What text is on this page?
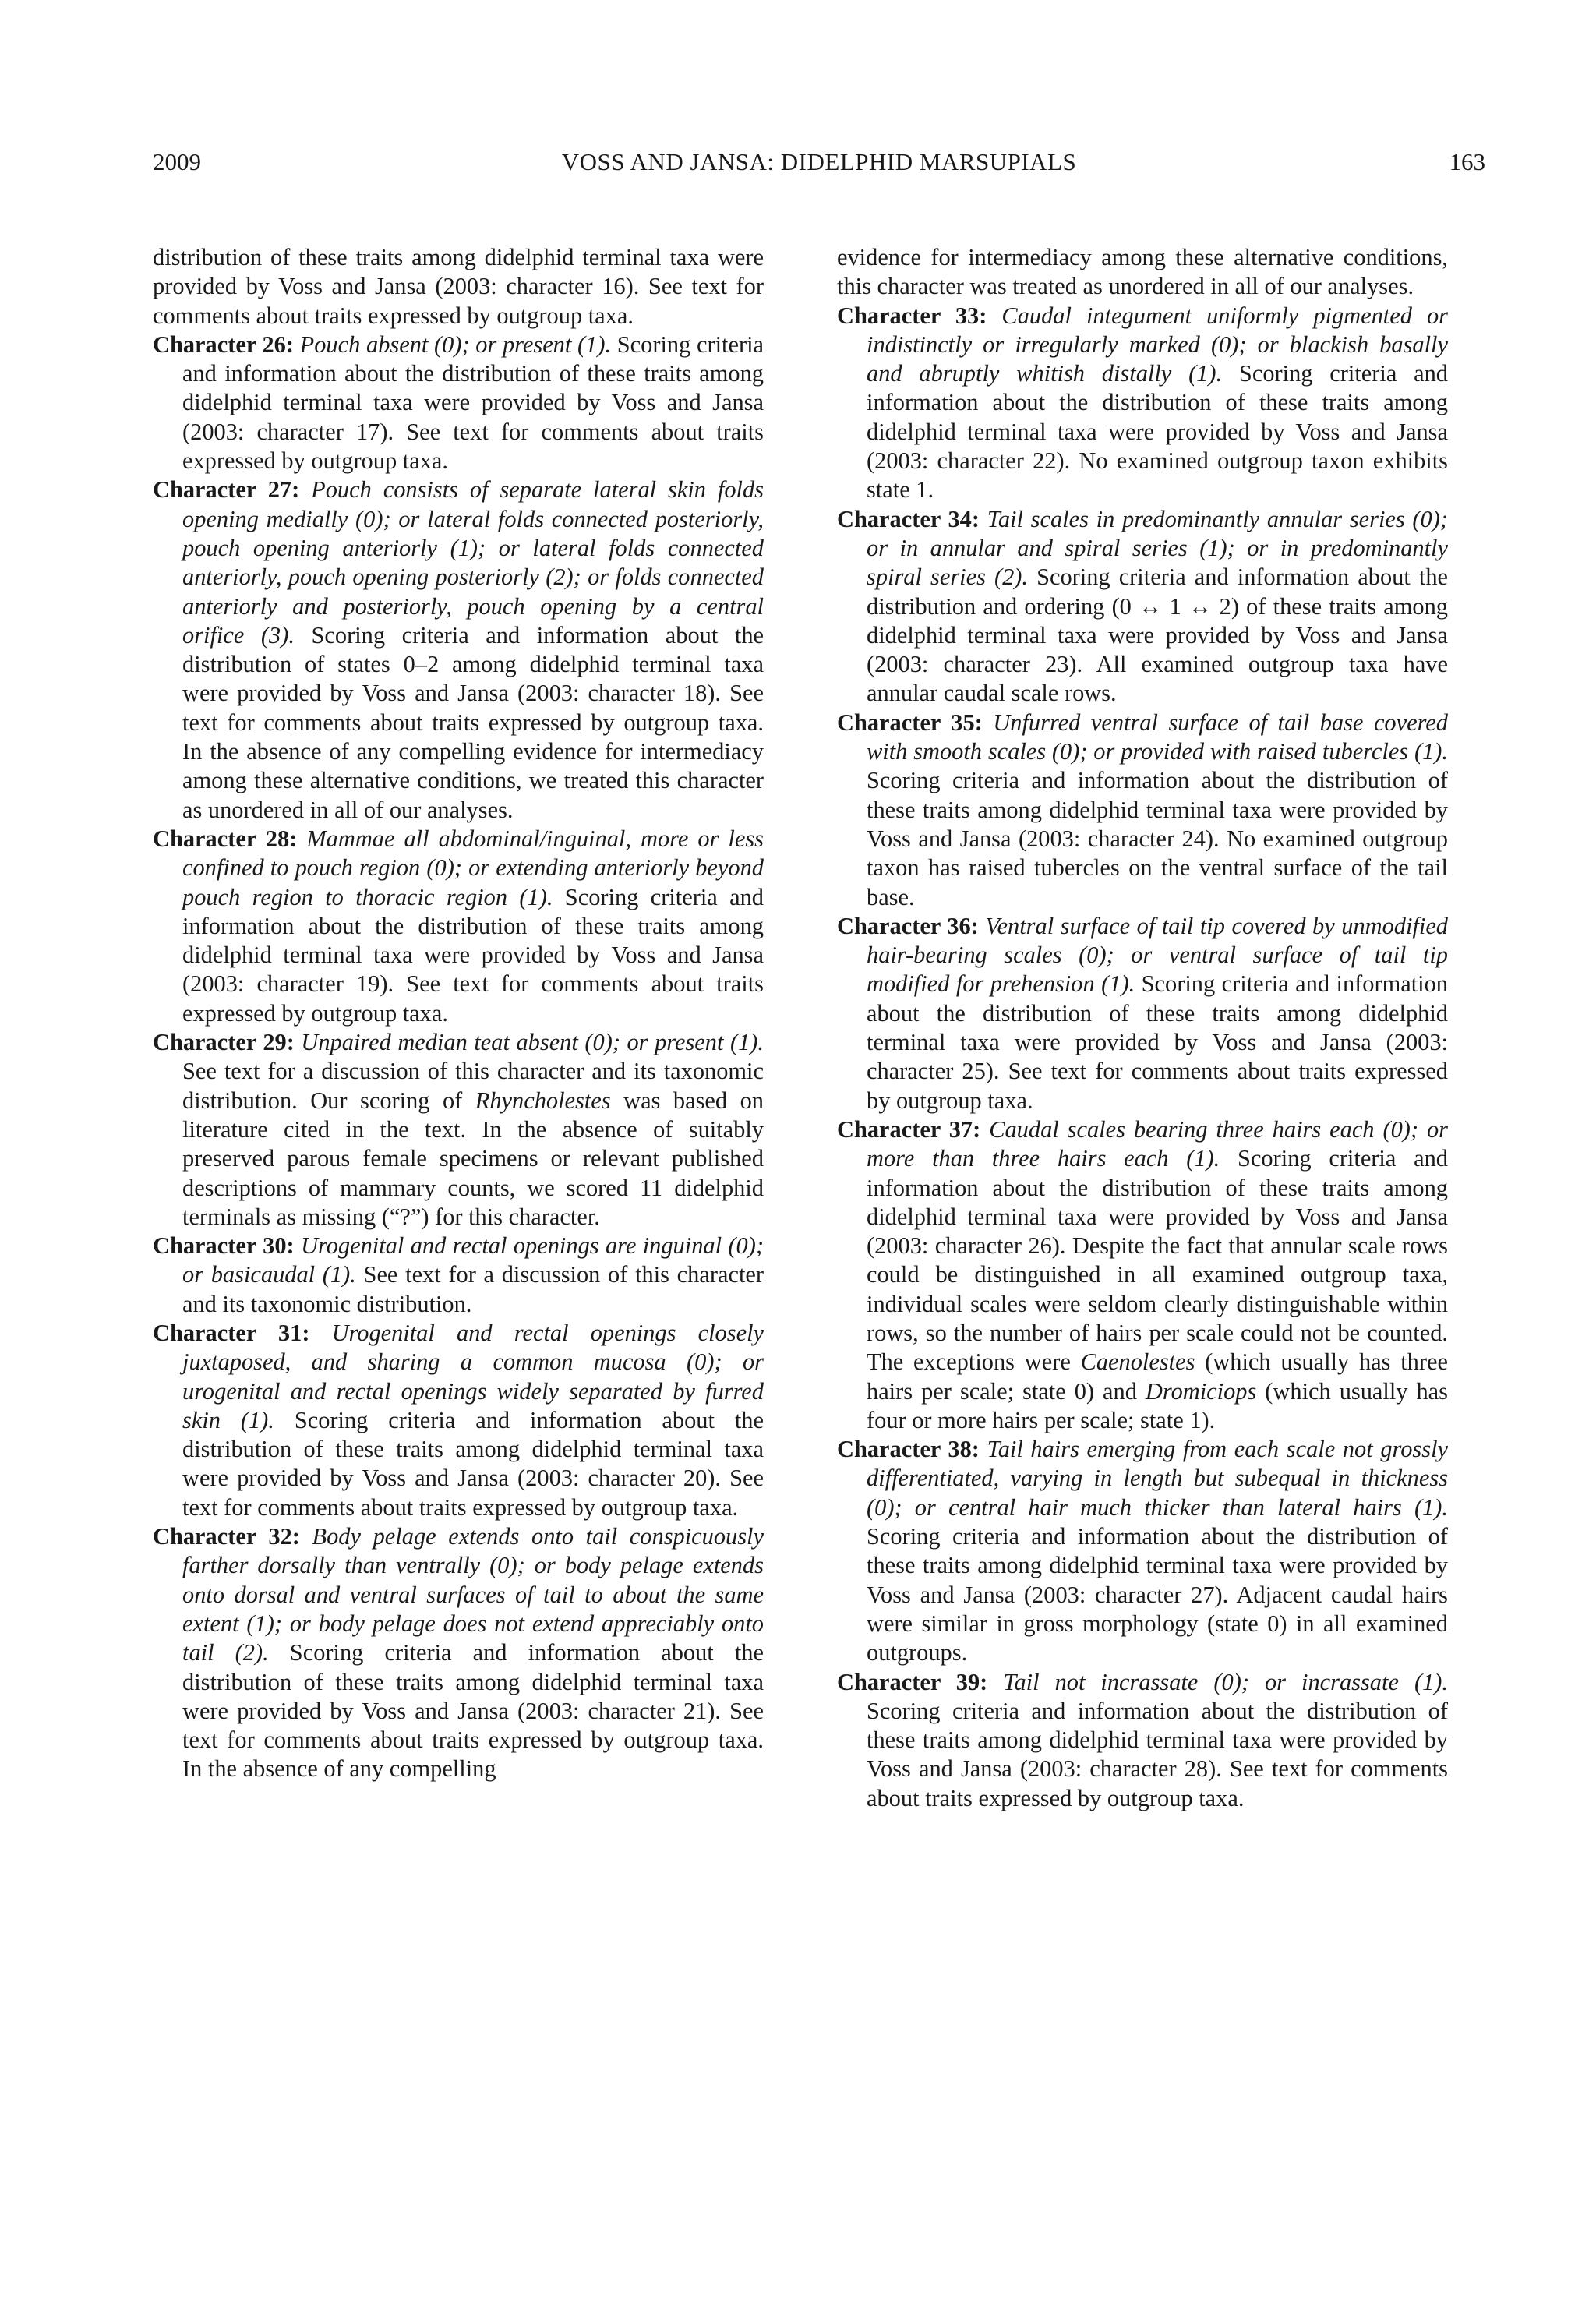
2009	VOSS AND JANSA: DIDELPHID MARSUPIALS	163

distribution of these traits among didelphid terminal taxa were provided by Voss and Jansa (2003: character 16). See text for comments about traits expressed by outgroup taxa.

Character 26: Pouch absent (0); or present (1). Scoring criteria and information about the distribution of these traits among didelphid terminal taxa were provided by Voss and Jansa (2003: character 17). See text for comments about traits expressed by outgroup taxa.

Character 27: Pouch consists of separate lateral skin folds opening medially (0); or lateral folds connected posteriorly, pouch opening anteriorly (1); or lateral folds connected anteriorly, pouch opening posteriorly (2); or folds connected anteriorly and posteriorly, pouch opening by a central orifice (3). Scoring criteria and information about the distribution of states 0–2 among didelphid terminal taxa were provided by Voss and Jansa (2003: character 18). See text for comments about traits expressed by outgroup taxa. In the absence of any compelling evidence for intermediacy among these alternative conditions, we treated this character as unordered in all of our analyses.

Character 28: Mammae all abdominal/inguinal, more or less confined to pouch region (0); or extending anteriorly beyond pouch region to thoracic region (1). Scoring criteria and information about the distribution of these traits among didelphid terminal taxa were provided by Voss and Jansa (2003: character 19). See text for comments about traits expressed by outgroup taxa.

Character 29: Unpaired median teat absent (0); or present (1). See text for a discussion of this character and its taxonomic distribution. Our scoring of Rhyncholestes was based on literature cited in the text. In the absence of suitably preserved parous female specimens or relevant published descriptions of mammary counts, we scored 11 didelphid terminals as missing (“?”) for this character.

Character 30: Urogenital and rectal openings are inguinal (0); or basicaudal (1). See text for a discussion of this character and its taxonomic distribution.

Character 31: Urogenital and rectal openings closely juxtaposed, and sharing a common mucosa (0); or urogenital and rectal openings widely separated by furred skin (1). Scoring criteria and information about the distribution of these traits among didelphid terminal taxa were provided by Voss and Jansa (2003: character 20). See text for comments about traits expressed by outgroup taxa.

Character 32: Body pelage extends onto tail conspicuously farther dorsally than ventrally (0); or body pelage extends onto dorsal and ventral surfaces of tail to about the same extent (1); or body pelage does not extend appreciably onto tail (2). Scoring criteria and information about the distribution of these traits among didelphid terminal taxa were provided by Voss and Jansa (2003: character 21). See text for comments about traits expressed by outgroup taxa. In the absence of any compelling

evidence for intermediacy among these alternative conditions, this character was treated as unordered in all of our analyses.

Character 33: Caudal integument uniformly pigmented or indistinctly or irregularly marked (0); or blackish basally and abruptly whitish distally (1). Scoring criteria and information about the distribution of these traits among didelphid terminal taxa were provided by Voss and Jansa (2003: character 22). No examined outgroup taxon exhibits state 1.

Character 34: Tail scales in predominantly annular series (0); or in annular and spiral series (1); or in predominantly spiral series (2). Scoring criteria and information about the distribution and ordering (0 ↔ 1 ↔ 2) of these traits among didelphid terminal taxa were provided by Voss and Jansa (2003: character 23). All examined outgroup taxa have annular caudal scale rows.

Character 35: Unfurred ventral surface of tail base covered with smooth scales (0); or provided with raised tubercles (1). Scoring criteria and information about the distribution of these traits among didelphid terminal taxa were provided by Voss and Jansa (2003: character 24). No examined outgroup taxon has raised tubercles on the ventral surface of the tail base.

Character 36: Ventral surface of tail tip covered by unmodified hair-bearing scales (0); or ventral surface of tail tip modified for prehension (1). Scoring criteria and information about the distribution of these traits among didelphid terminal taxa were provided by Voss and Jansa (2003: character 25). See text for comments about traits expressed by outgroup taxa.

Character 37: Caudal scales bearing three hairs each (0); or more than three hairs each (1). Scoring criteria and information about the distribution of these traits among didelphid terminal taxa were provided by Voss and Jansa (2003: character 26). Despite the fact that annular scale rows could be distinguished in all examined outgroup taxa, individual scales were seldom clearly distinguishable within rows, so the number of hairs per scale could not be counted. The exceptions were Caenolestes (which usually has three hairs per scale; state 0) and Dromiciops (which usually has four or more hairs per scale; state 1).

Character 38: Tail hairs emerging from each scale not grossly differentiated, varying in length but subequal in thickness (0); or central hair much thicker than lateral hairs (1). Scoring criteria and information about the distribution of these traits among didelphid terminal taxa were provided by Voss and Jansa (2003: character 27). Adjacent caudal hairs were similar in gross morphology (state 0) in all examined outgroups.

Character 39: Tail not incrassate (0); or incrassate (1). Scoring criteria and information about the distribution of these traits among didelphid terminal taxa were provided by Voss and Jansa (2003: character 28). See text for comments about traits expressed by outgroup taxa.
